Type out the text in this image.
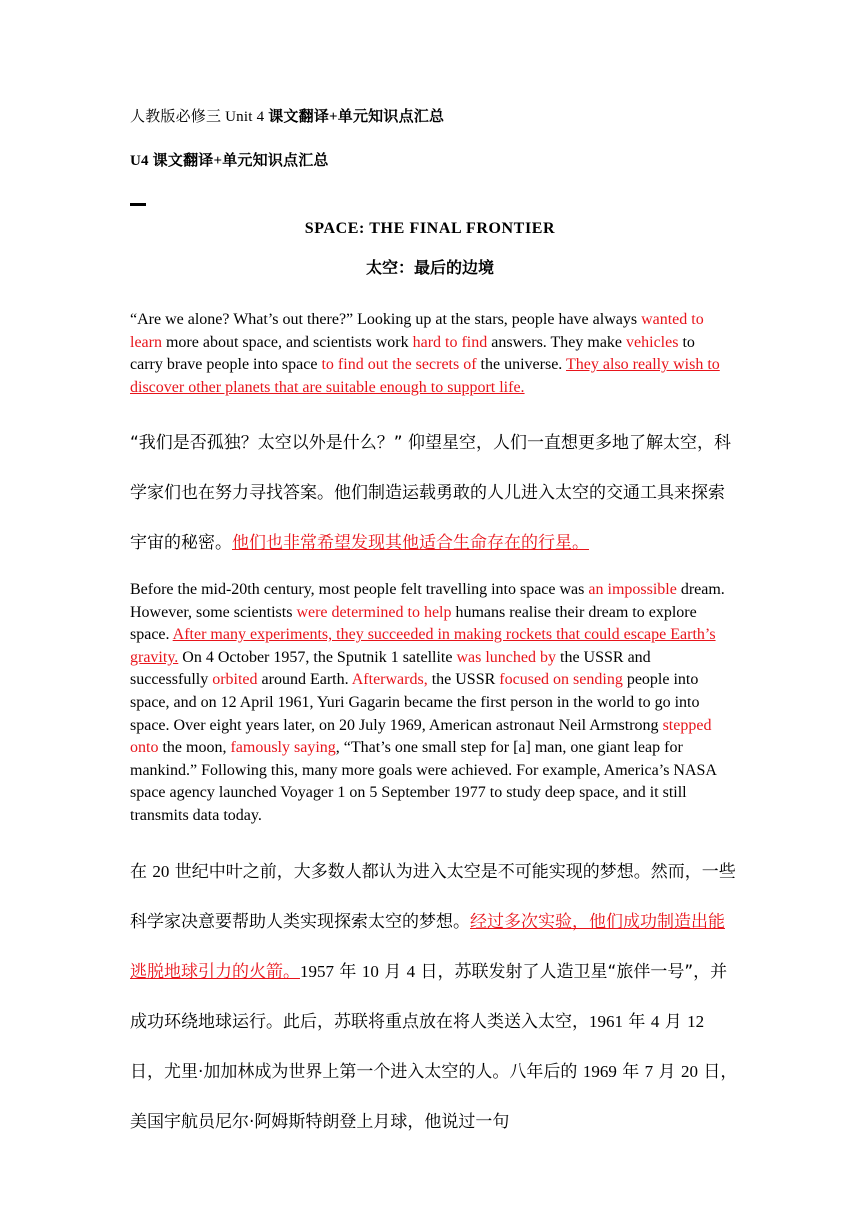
人教版必修三 Unit 4 课文翻译+单元知识点汇总

U4 课文翻译+单元知识点汇总

SPACE: THE FINAL FRONTIER

太空：最后的边境

“Are we alone? What’s out there?” Looking up at the stars, people have always wanted to learn more about space, and scientists work hard to find answers. They make vehicles to carry brave people into space to find out the secrets of the universe. They also really wish to discover other planets that are suitable enough to support life.

“我们是否孤独？太空以外是什么？” 仰望星空，人们一直想更多地了解太空，科学家们也在努力寻找答案。他们制造运载勇敢的人儿进入太空的交通工具来探索宇宙的秘密。他们也非常希望发现其他适合生命存在的行星。

Before the mid-20th century, most people felt travelling into space was an impossible dream. However, some scientists were determined to help humans realise their dream to explore space. After many experiments, they succeeded in making rockets that could escape Earth’s gravity. On 4 October 1957, the Sputnik 1 satellite was lunched by the USSR and successfully orbited around Earth. Afterwards, the USSR focused on sending people into space, and on 12 April 1961, Yuri Gagarin became the first person in the world to go into space. Over eight years later, on 20 July 1969, American astronaut Neil Armstrong stepped onto the moon, famously saying, “That’s one small step for [a] man, one giant leap for mankind.” Following this, many more goals were achieved. For example, America’s NASA space agency launched Voyager 1 on 5 September 1977 to study deep space, and it still transmits data today.

在 20 世纪中叶之前，大多数人都认为进入太空是不可能实现的梦想。然而，一些科学家决意要帮助人类实现探索太空的梦想。经过多次实验，他们成功制造出能逃脱地球引力的火箭。1957 年 10 月 4 日，苏联发射了人造卫星“旅伴一号”，并成功环绕地球运行。此后，苏联将重点放在将人类送入太空，1961 年 4 月 12 日，尤里·加加林成为世界上第一个进入太空的人。八年后的 1969 年 7 月 20 日，美国宇航员尼尔·阿姆斯特朗登上月球，他说过一句
